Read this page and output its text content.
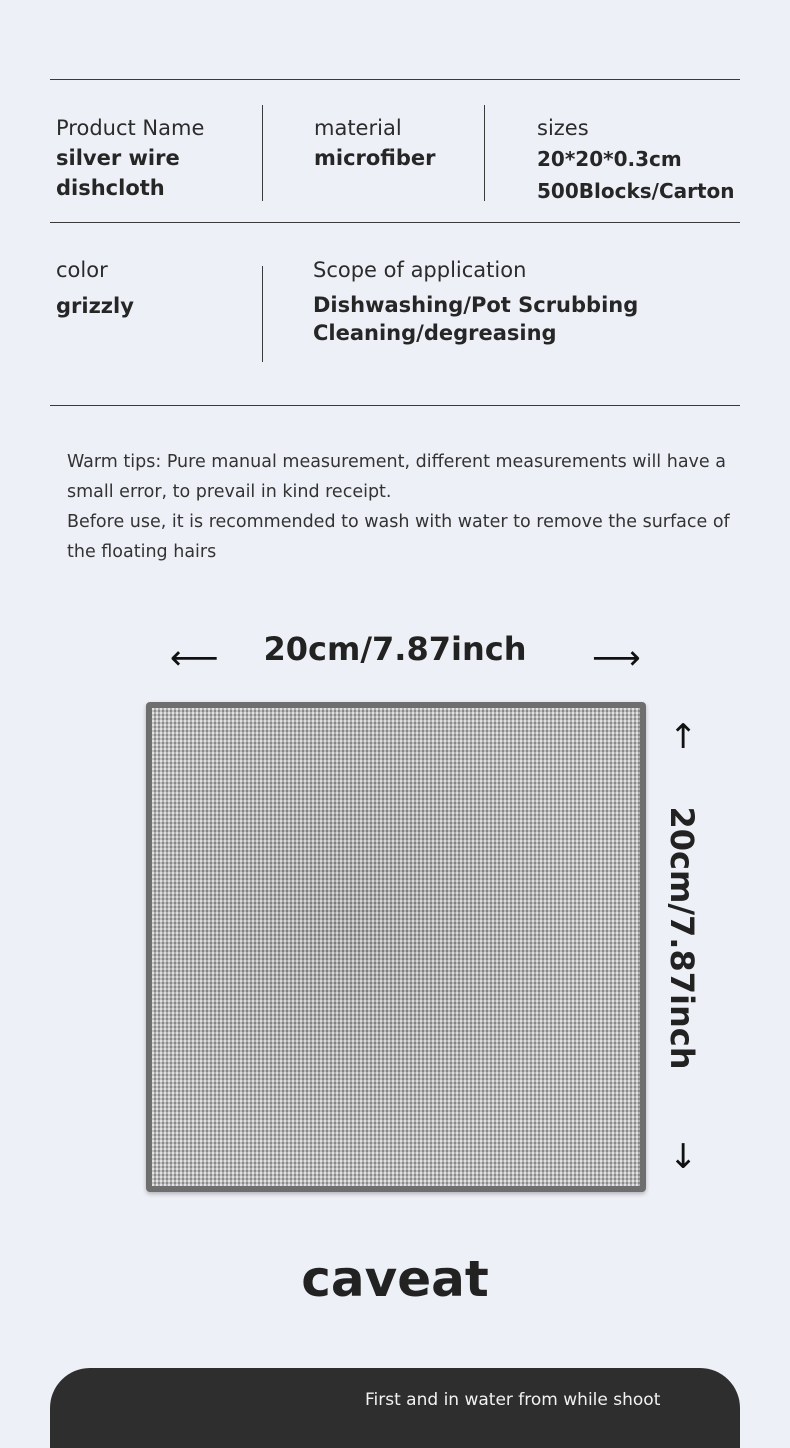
Product Name
silver wire
dishcloth
material
microfiber
sizes
20*20*0.3cm
500Blocks/Carton
color
grizzly
Scope of application
Dishwashing/Pot Scrubbing
Cleaning/degreasing

Warm tips: Pure manual measurement, different measurements will have a small error, to prevail in kind receipt.

Before use, it is recommended to wash with water to remove the surface of the floating hairs

⟵	20cm/7.87inch	⟶
↑
20cm/7.87inch
↓
caveat
First and in water from while shoot
